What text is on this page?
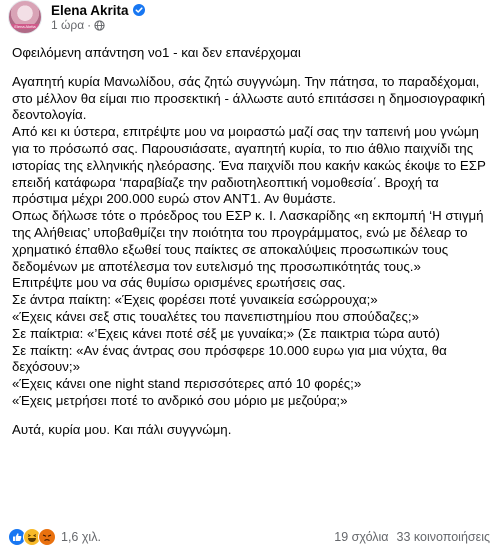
Elena Akrita
Elena Akrita
1 ώρα ·

Οφειλόμενη απάντηση νο1 - και δεν επανέρχομαι

Αγαπητή κυρία Μανωλίδου, σάς ζητώ συγγνώμη. Την πάτησα, το παραδέχομαι, στο μέλλον θα είμαι πιο προσεκτική - άλλωστε αυτό επιτάσσει η δημοσιογραφική δεοντολογία.

Από κει κι ύστερα, επιτρέψτε μου να μοιραστώ μαζί σας την ταπεινή μου γνώμη για το πρόσωπό σας. Παρουσιάσατε, αγαπητή κυρία, το πιο άθλιο παιχνίδι της ιστορίας της ελληνικής ηλεόρασης. Ένα παιχνίδι που κακήν κακώς έκοψε το ΕΣΡ επειδή κατάφωρα ‘παραβίαζε την ραδιοτηλεοπτική νομοθεσία΄. Βροχή τα πρόστιμα μέχρι 200.000 ευρώ στον ΑΝΤ1. Αν θυμάστε.

Οπως δήλωσε τότε ο πρόεδρος του ΕΣΡ κ. Ι. Λασκαρίδης «η εκπομπή ‘Η στιγμή της Αλήθειας’ υποβαθμίζει την ποιότητα του προγράμματος, ενώ με δέλεαρ το χρηματικό έπαθλο εξωθεί τους παίκτες σε αποκαλύψεις προσωπικών τους δεδομένων με αποτέλεσμα τον ευτελισμό της προσωπικότητάς τους.»

Επιτρέψτε μου να σάς θυμίσω ορισμένες ερωτήσεις σας.

Σε άντρα παίκτη: «Έχεις φορέσει ποτέ γυναικεία εσώρρουχα;»

«Έχεις κάνει σεξ στις τουαλέτες του πανεπιστημίου που σπούδαζες;»

Σε παίκτρια: «’Εχεις κάνει ποτέ σέξ με γυναίκα;» (Σε παικτρια τώρα αυτό)

Σε παίκτη: «Αν ένας άντρας σου πρόσφερε 10.000 ευρω για μια νύχτα, θα δεχόσουν;»

«Έχεις κάνει one night stand περισσότερες από 10 φορές;»

«Έχεις μετρήσει ποτέ το ανδρικό σου μόριο με μεζούρα;»

Αυτά, κυρία μου. Και πάλι συγγνώμη.

1,6 χιλ.	19 σχόλια 33 κοινοποιήσεις
